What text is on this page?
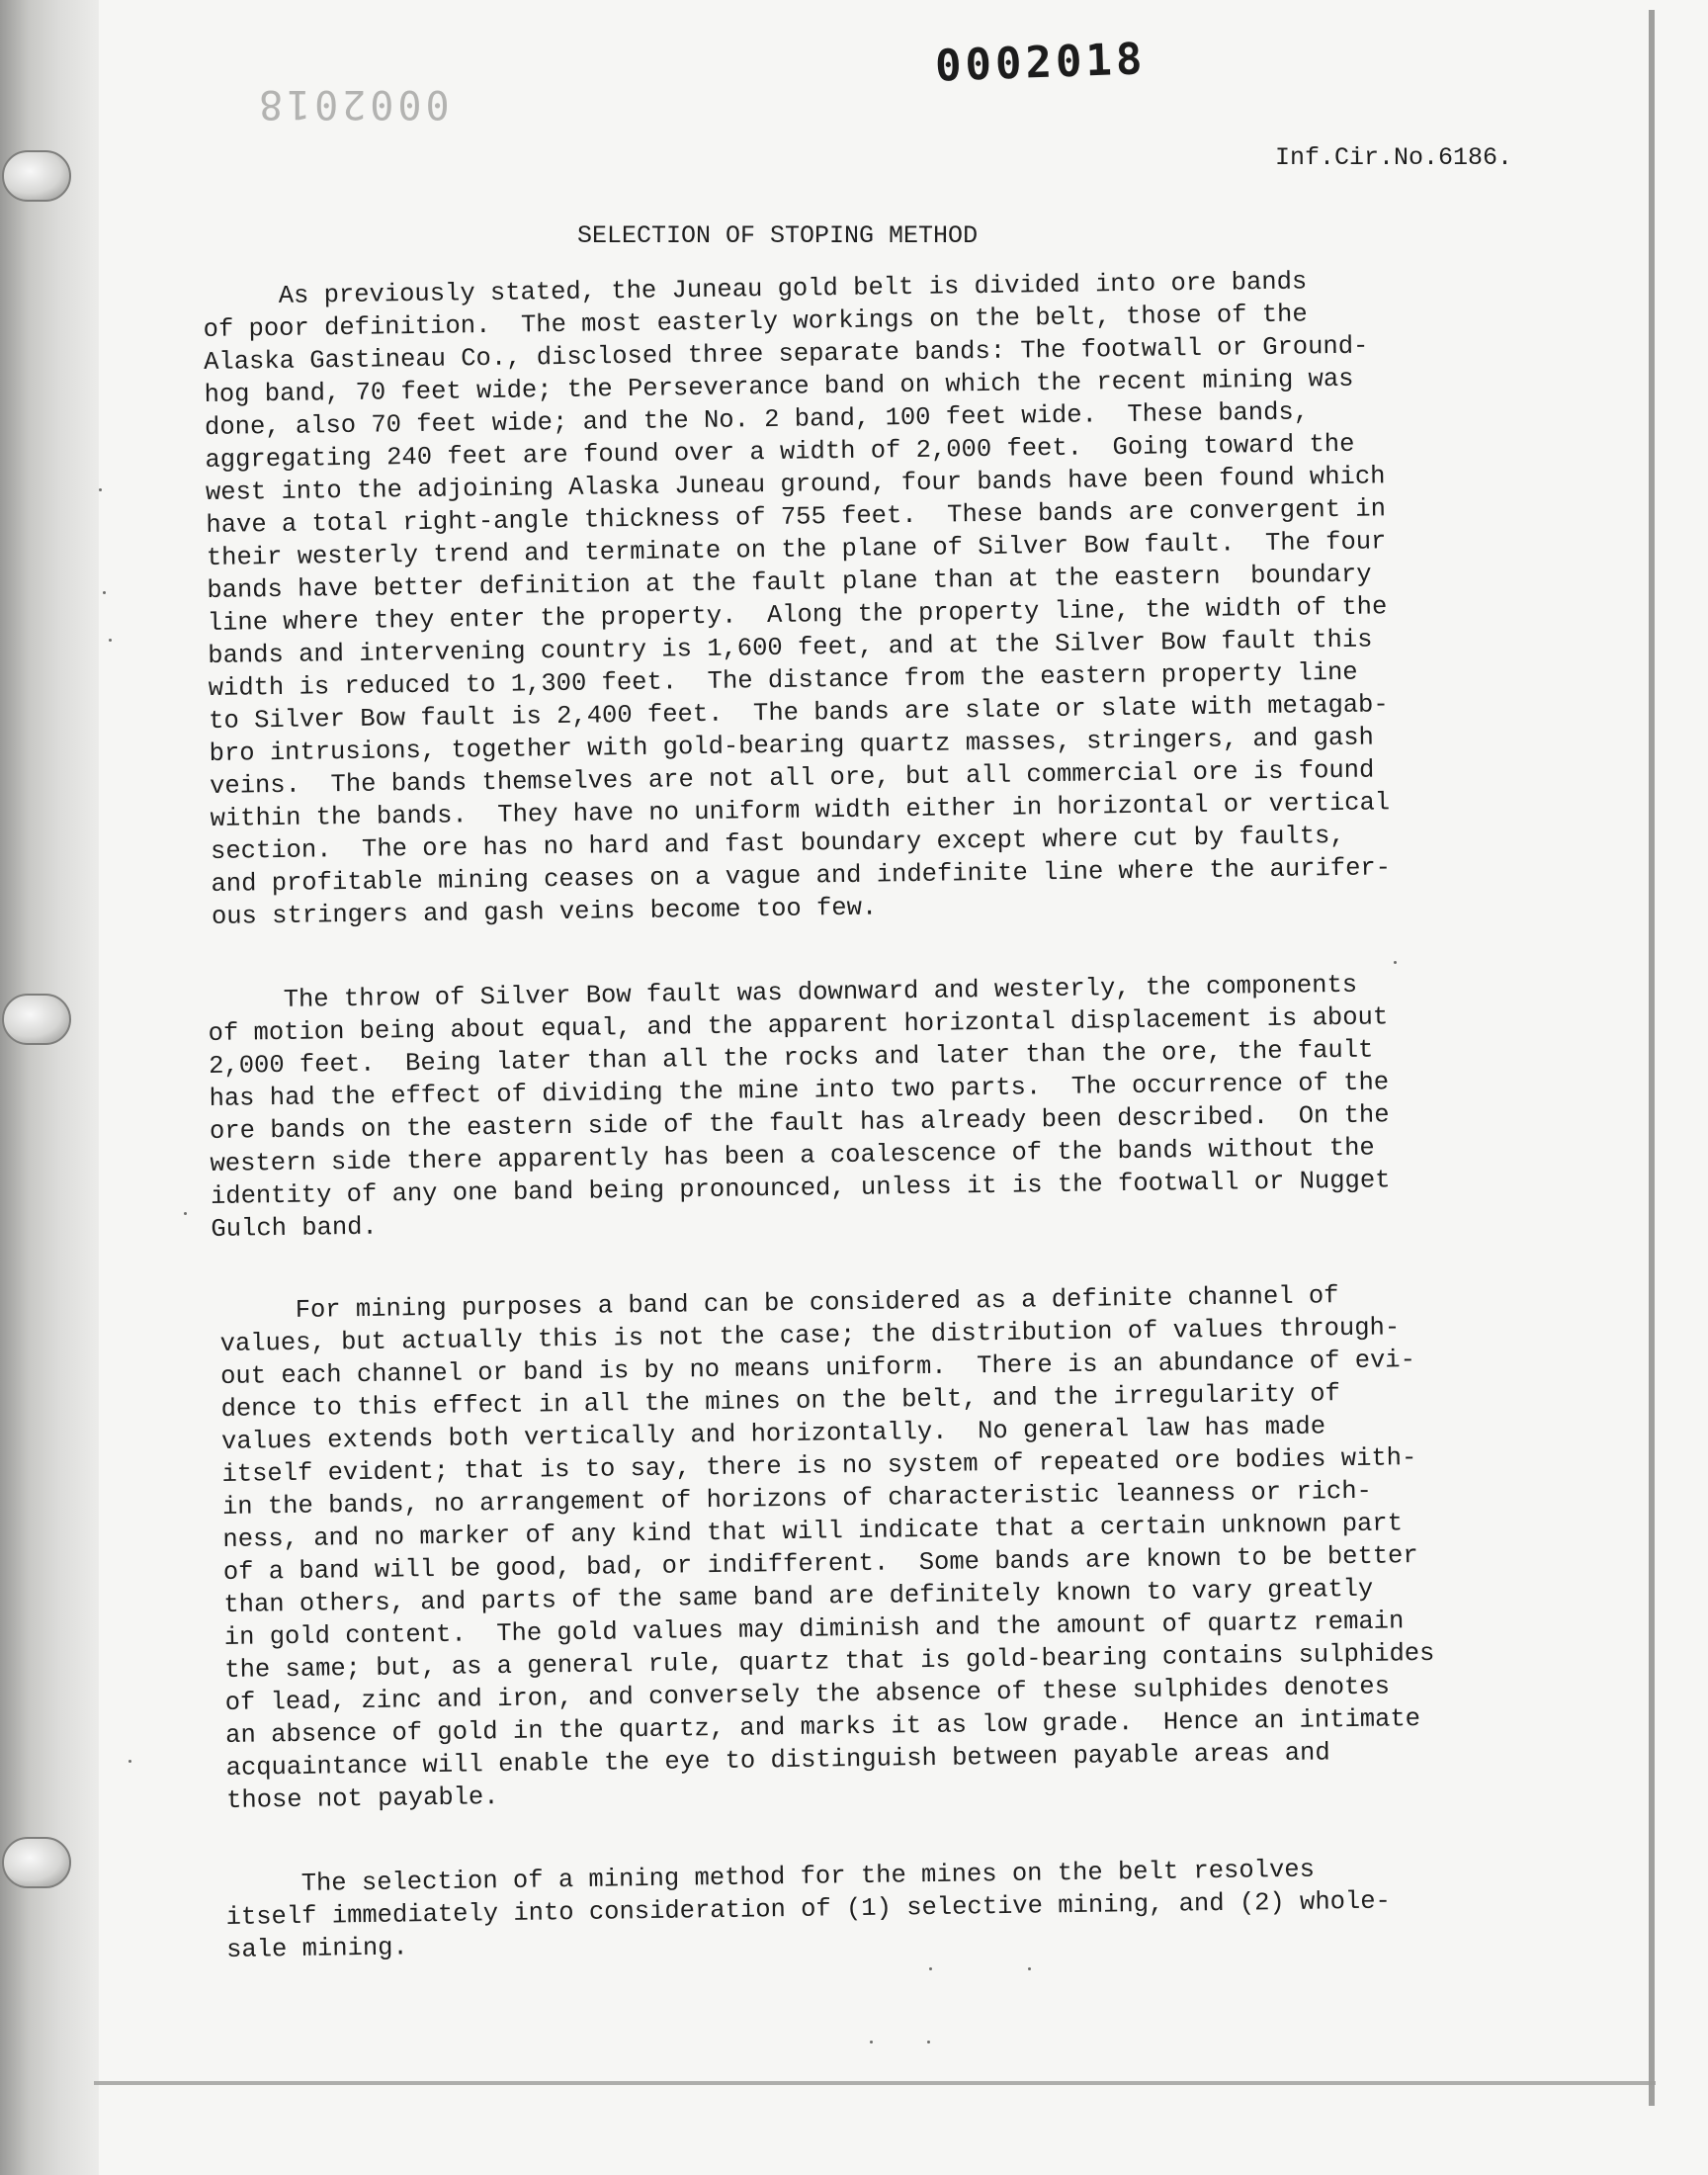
0002018
0002018
Inf.Cir.No.6186.
SELECTION OF STOPING METHOD
As previously stated, the Juneau gold belt is divided into ore bands
of poor definition.  The most easterly workings on the belt, those of the
Alaska Gastineau Co., disclosed three separate bands: The footwall or Ground-
hog band, 70 feet wide; the Perseverance band on which the recent mining was
done, also 70 feet wide; and the No. 2 band, 100 feet wide.  These bands,
aggregating 240 feet are found over a width of 2,000 feet.  Going toward the
west into the adjoining Alaska Juneau ground, four bands have been found which
have a total right-angle thickness of 755 feet.  These bands are convergent in
their westerly trend and terminate on the plane of Silver Bow fault.  The four
bands have better definition at the fault plane than at the eastern  boundary
line where they enter the property.  Along the property line, the width of the
bands and intervening country is 1,600 feet, and at the Silver Bow fault this
width is reduced to 1,300 feet.  The distance from the eastern property line
to Silver Bow fault is 2,400 feet.  The bands are slate or slate with metagab-
bro intrusions, together with gold-bearing quartz masses, stringers, and gash
veins.  The bands themselves are not all ore, but all commercial ore is found
within the bands.  They have no uniform width either in horizontal or vertical
section.  The ore has no hard and fast boundary except where cut by faults,
and profitable mining ceases on a vague and indefinite line where the aurifer-
ous stringers and gash veins become too few.
The throw of Silver Bow fault was downward and westerly, the components
of motion being about equal, and the apparent horizontal displacement is about
2,000 feet.  Being later than all the rocks and later than the ore, the fault
has had the effect of dividing the mine into two parts.  The occurrence of the
ore bands on the eastern side of the fault has already been described.  On the
western side there apparently has been a coalescence of the bands without the
identity of any one band being pronounced, unless it is the footwall or Nugget
Gulch band.
For mining purposes a band can be considered as a definite channel of
values, but actually this is not the case; the distribution of values through-
out each channel or band is by no means uniform.  There is an abundance of evi-
dence to this effect in all the mines on the belt, and the irregularity of
values extends both vertically and horizontally.  No general law has made
itself evident; that is to say, there is no system of repeated ore bodies with-
in the bands, no arrangement of horizons of characteristic leanness or rich-
ness, and no marker of any kind that will indicate that a certain unknown part
of a band will be good, bad, or indifferent.  Some bands are known to be better
than others, and parts of the same band are definitely known to vary greatly
in gold content.  The gold values may diminish and the amount of quartz remain
the same; but, as a general rule, quartz that is gold-bearing contains sulphides
of lead, zinc and iron, and conversely the absence of these sulphides denotes
an absence of gold in the quartz, and marks it as low grade.  Hence an intimate
acquaintance will enable the eye to distinguish between payable areas and
those not payable.
The selection of a mining method for the mines on the belt resolves
itself immediately into consideration of (1) selective mining, and (2) whole-
sale mining.
